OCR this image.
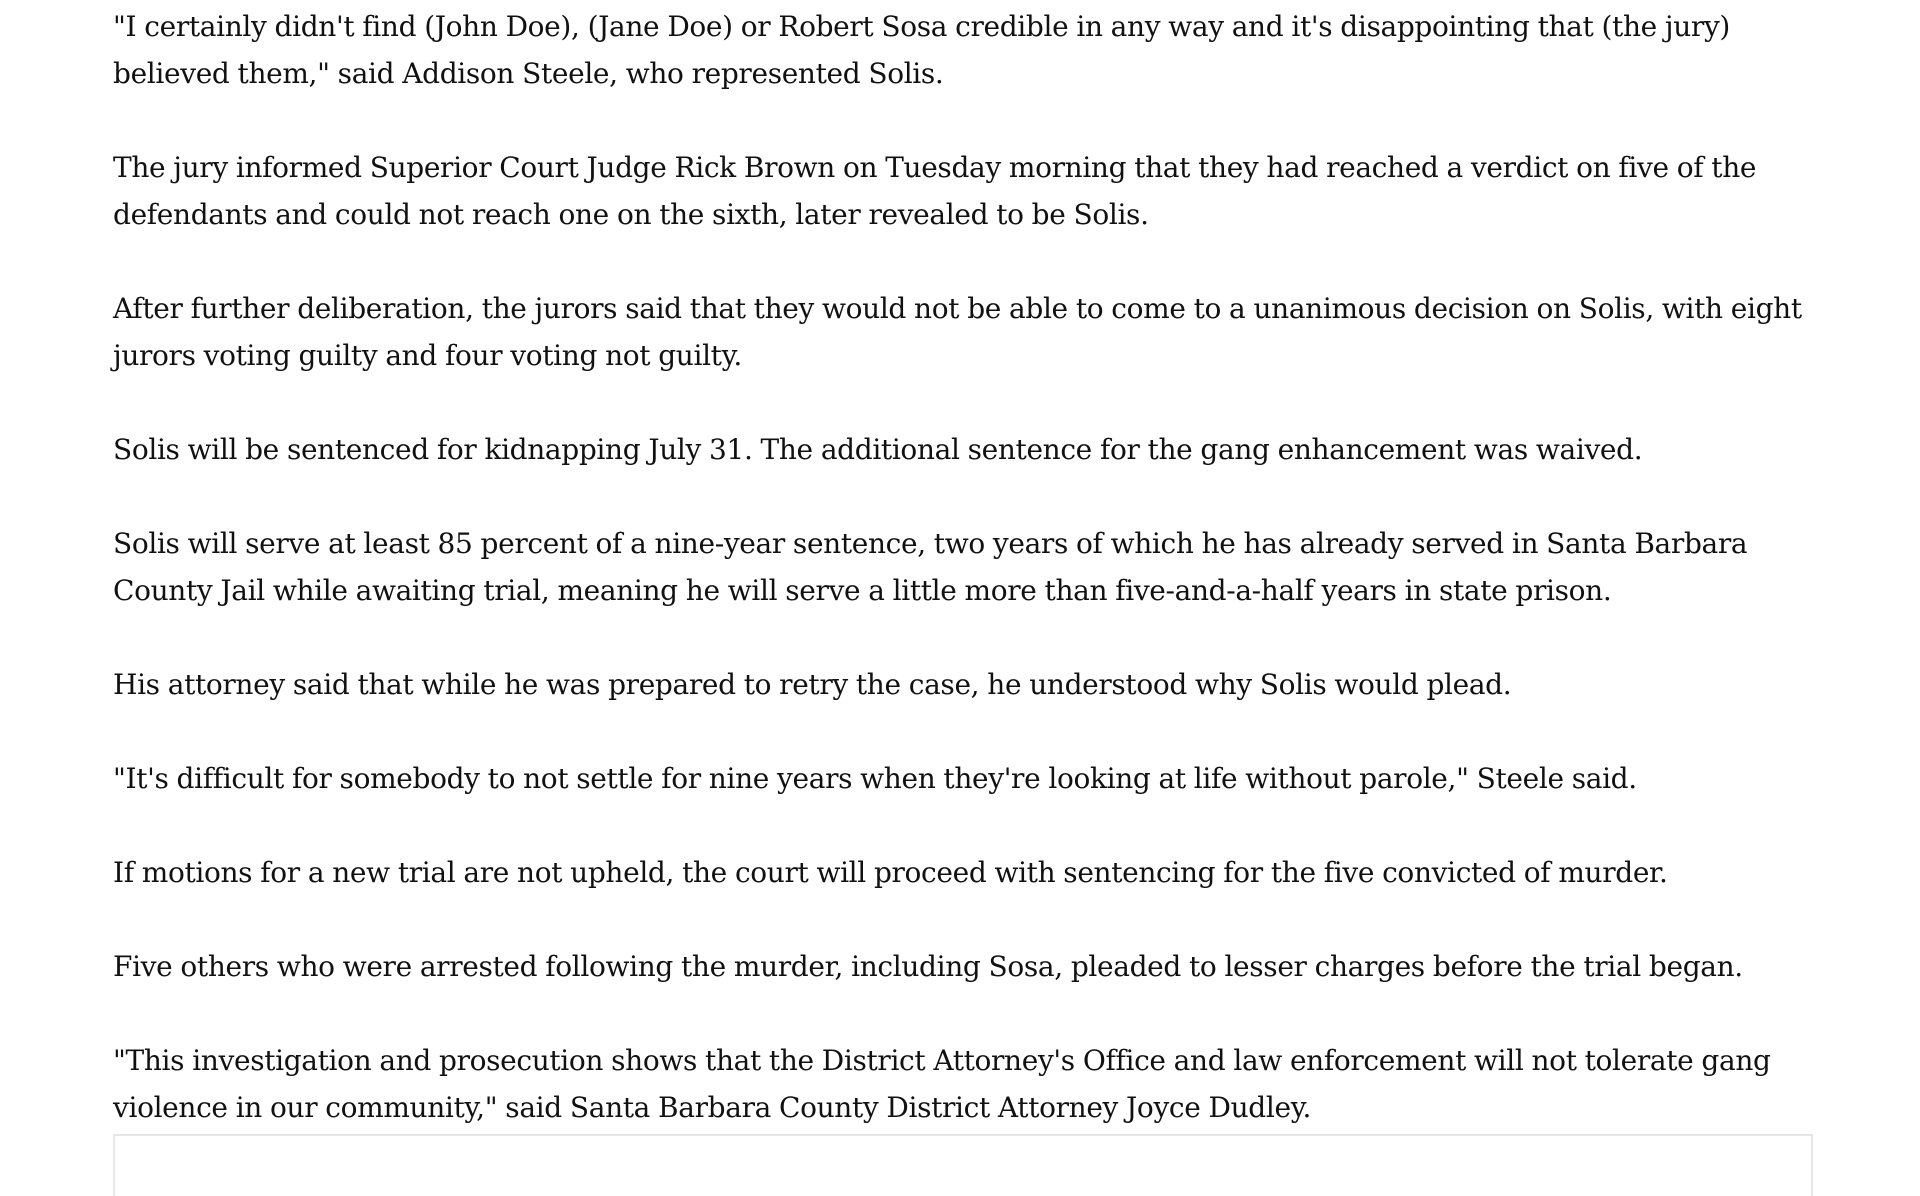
"I certainly didn't find (John Doe), (Jane Doe) or Robert Sosa credible in any way and it's disappointing that (the jury) believed them," said Addison Steele, who represented Solis.

The jury informed Superior Court Judge Rick Brown on Tuesday morning that they had reached a verdict on five of the defendants and could not reach one on the sixth, later revealed to be Solis.

After further deliberation, the jurors said that they would not be able to come to a unanimous decision on Solis, with eight jurors voting guilty and four voting not guilty.

Solis will be sentenced for kidnapping July 31. The additional sentence for the gang enhancement was waived.

Solis will serve at least 85 percent of a nine-year sentence, two years of which he has already served in Santa Barbara County Jail while awaiting trial, meaning he will serve a little more than five-and-a-half years in state prison.

His attorney said that while he was prepared to retry the case, he understood why Solis would plead.

"It's difficult for somebody to not settle for nine years when they're looking at life without parole," Steele said.

If motions for a new trial are not upheld, the court will proceed with sentencing for the five convicted of murder.

Five others who were arrested following the murder, including Sosa, pleaded to lesser charges before the trial began.

"This investigation and prosecution shows that the District Attorney's Office and law enforcement will not tolerate gang violence in our community," said Santa Barbara County District Attorney Joyce Dudley.
